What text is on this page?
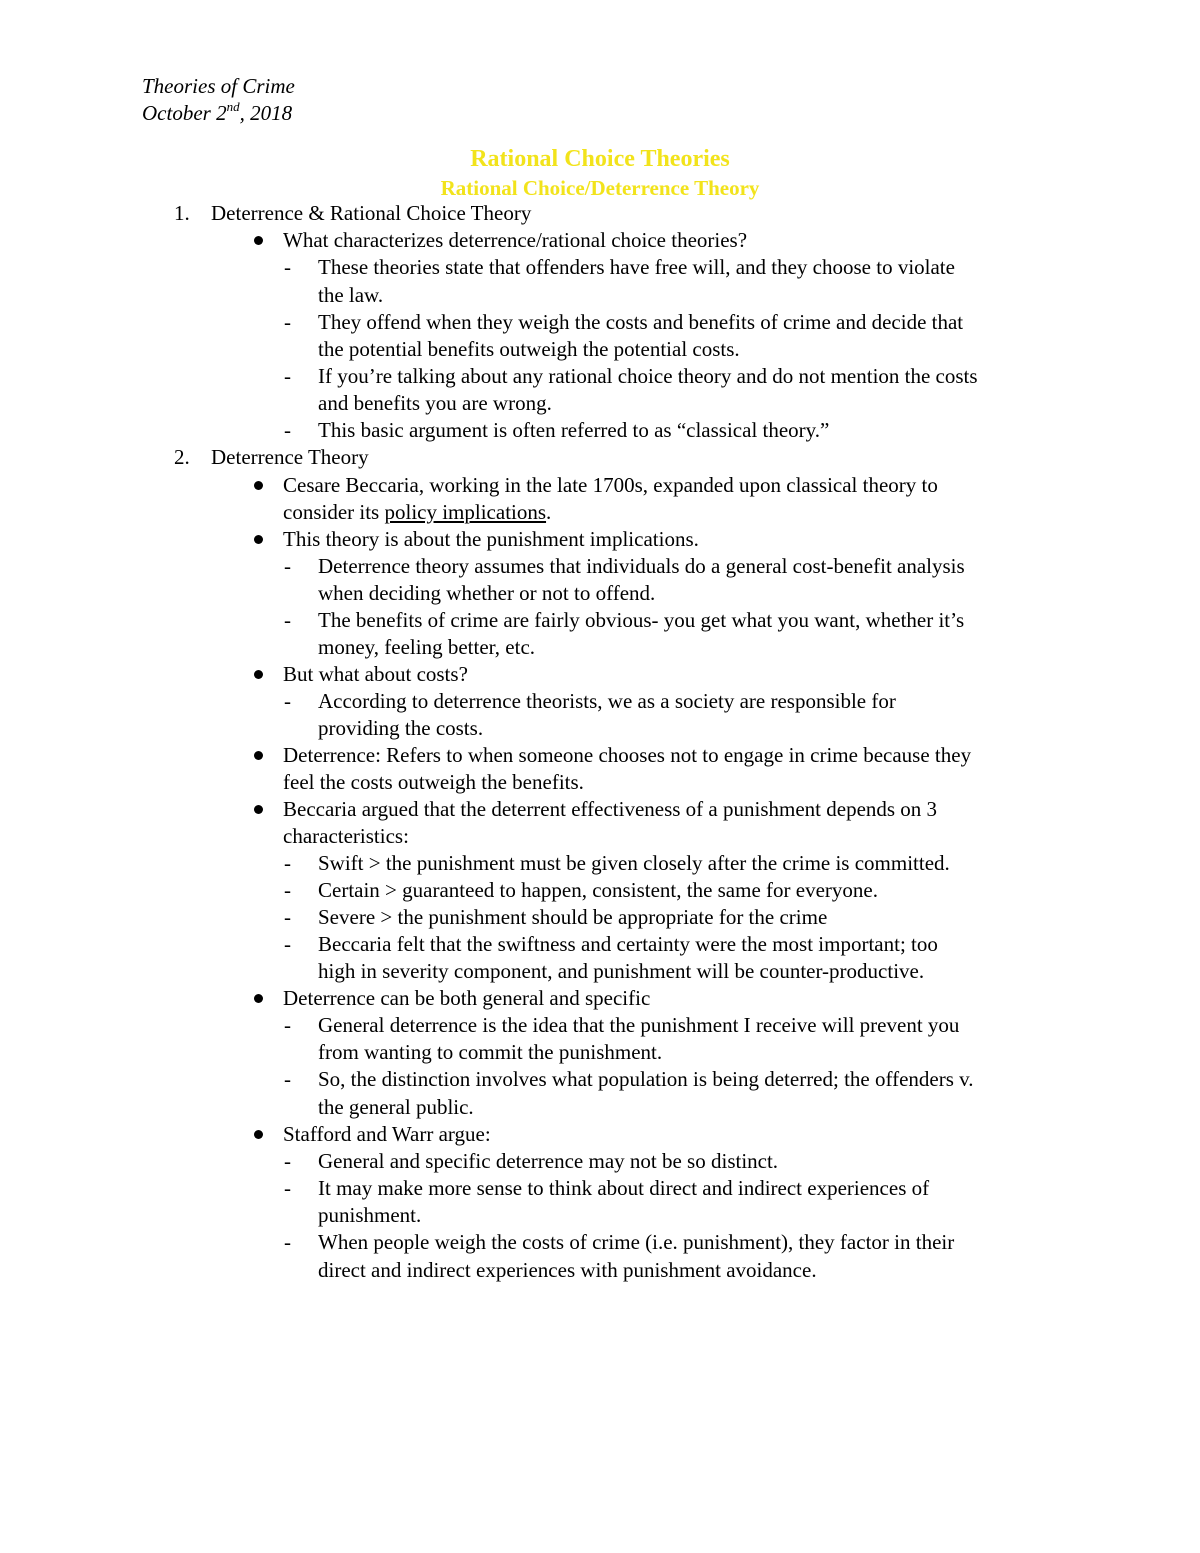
Theories of Crime
October 2nd, 2018
Rational Choice Theories
Rational Choice/Deterrence Theory
1. Deterrence & Rational Choice Theory
What characterizes deterrence/rational choice theories?
- These theories state that offenders have free will, and they choose to violate
the law.
- They offend when they weigh the costs and benefits of crime and decide that
the potential benefits outweigh the potential costs.
- If you’re talking about any rational choice theory and do not mention the costs
and benefits you are wrong.
- This basic argument is often referred to as “classical theory.”
2. Deterrence Theory
Cesare Beccaria, working in the late 1700s, expanded upon classical theory to
consider its policy implications.
This theory is about the punishment implications.
- Deterrence theory assumes that individuals do a general cost-benefit analysis
when deciding whether or not to offend.
- The benefits of crime are fairly obvious- you get what you want, whether it’s
money, feeling better, etc.
But what about costs?
- According to deterrence theorists, we as a society are responsible for
providing the costs.
Deterrence: Refers to when someone chooses not to engage in crime because they
feel the costs outweigh the benefits.
Beccaria argued that the deterrent effectiveness of a punishment depends on 3
characteristics:
- Swift > the punishment must be given closely after the crime is committed.
- Certain > guaranteed to happen, consistent, the same for everyone.
- Severe > the punishment should be appropriate for the crime
- Beccaria felt that the swiftness and certainty were the most important; too
high in severity component, and punishment will be counter-productive.
Deterrence can be both general and specific
- General deterrence is the idea that the punishment I receive will prevent you
from wanting to commit the punishment.
- So, the distinction involves what population is being deterred; the offenders v.
the general public.
Stafford and Warr argue:
- General and specific deterrence may not be so distinct.
- It may make more sense to think about direct and indirect experiences of
punishment.
- When people weigh the costs of crime (i.e. punishment), they factor in their
direct and indirect experiences with punishment avoidance.
